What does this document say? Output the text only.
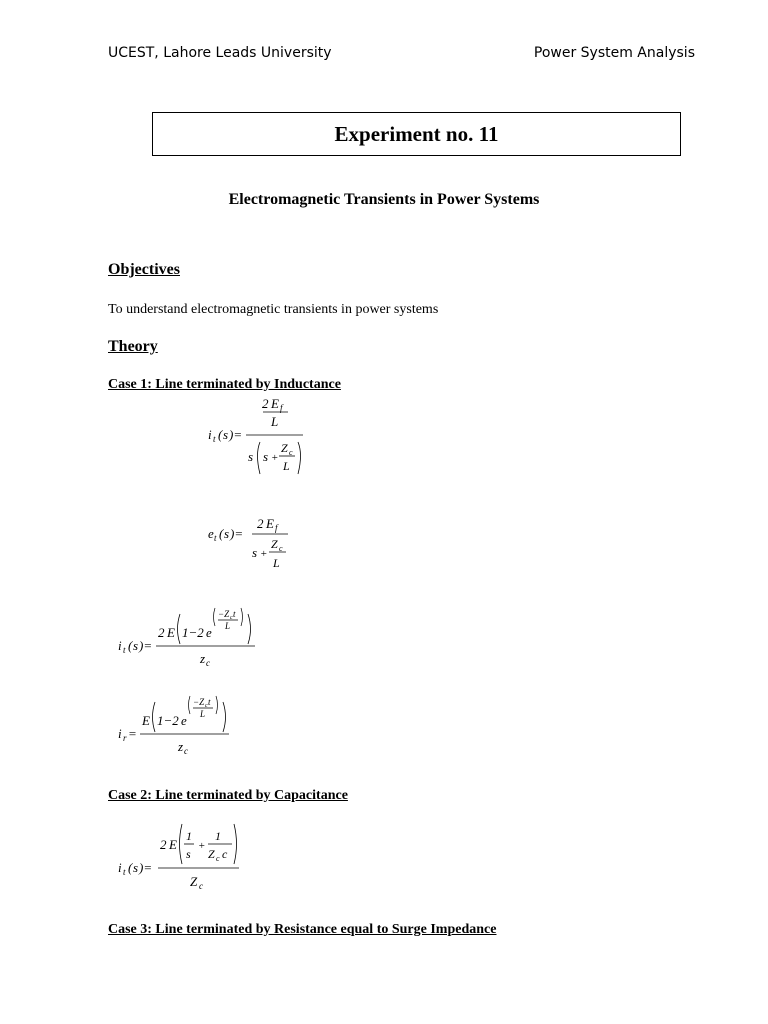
UCEST, Lahore Leads University	Power System Analysis
Experiment no. 11
Electromagnetic Transients in Power Systems
Objectives
To understand electromagnetic transients in power systems
Theory
Case 1: Line terminated by Inductance
i t ( s )=
2 E f
L
s s +
Z c
L
e t ( s )=
2 E f
s +
Z c
L
i t ( s )=
2 E 1−2 e
−Z c t
L
z c
i r =
E 1−2 e
−Z c t
L
z c
Case 2: Line terminated by Capacitance
i t ( s )=
2 E
1
s
+
1
Z c c
Z c
Case 3: Line terminated by Resistance equal to Surge Impedance
